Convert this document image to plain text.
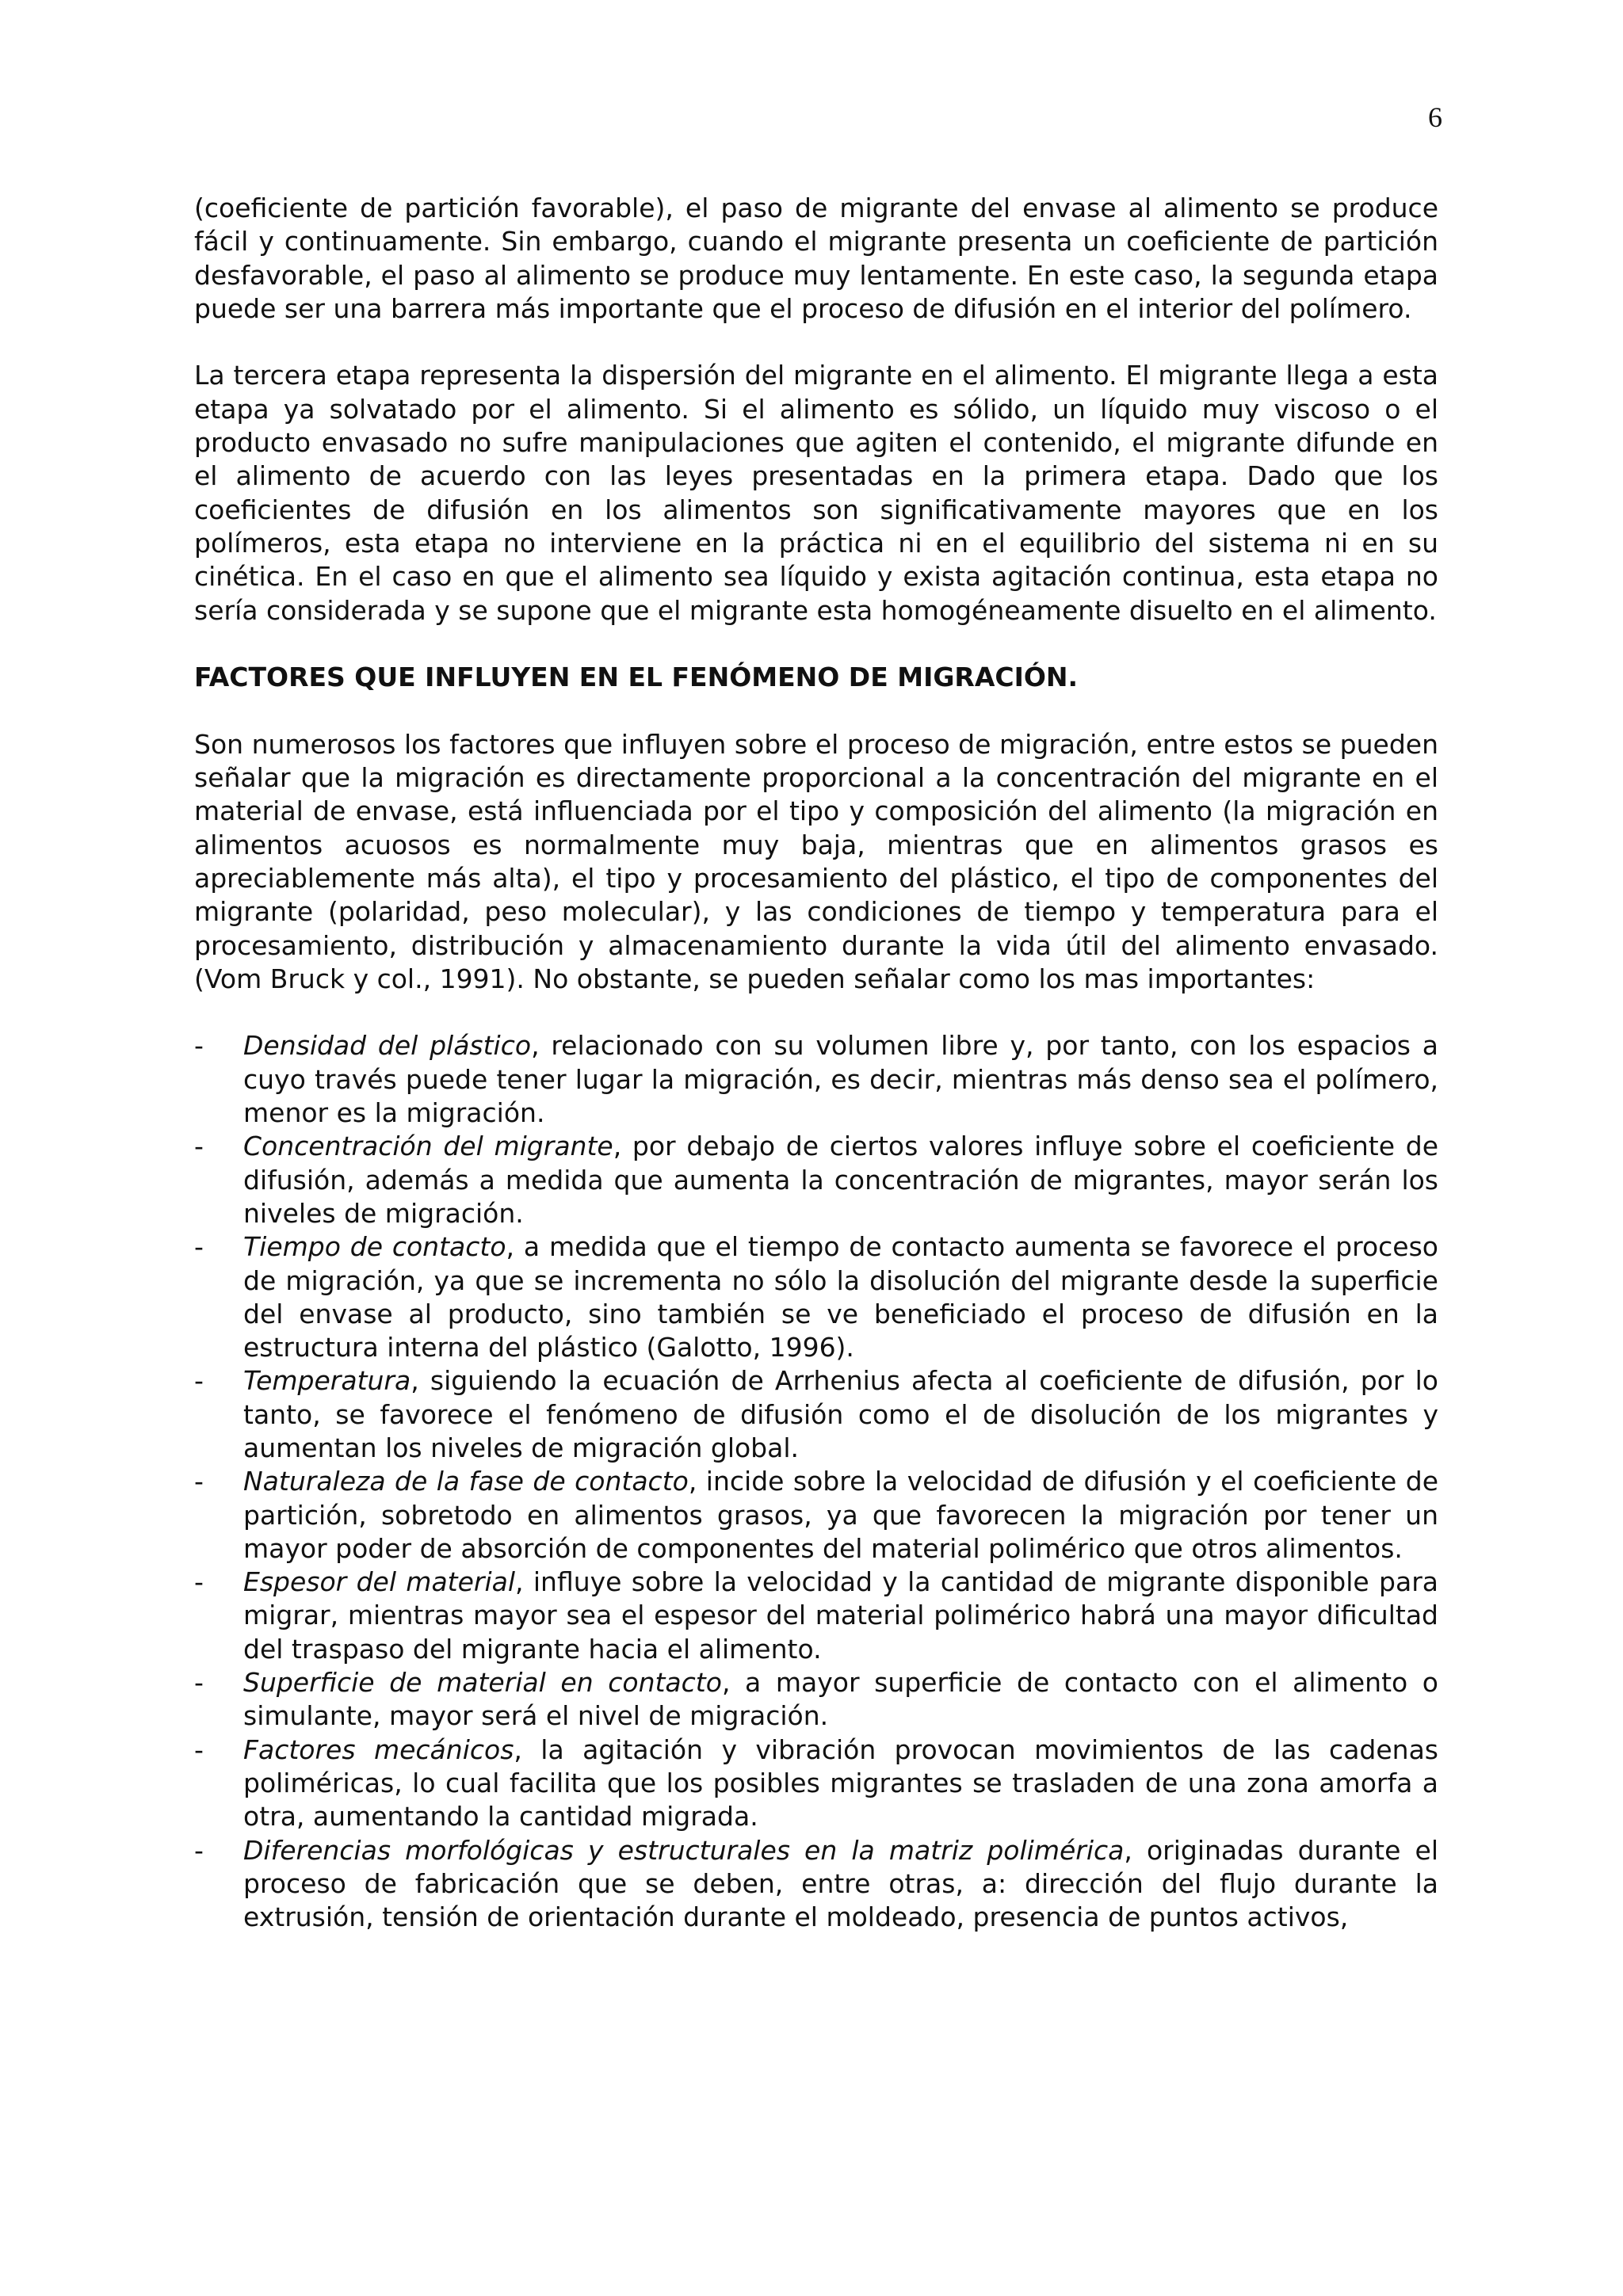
6

(coeficiente de partición favorable), el paso de migrante del envase al alimento se produce fácil y continuamente. Sin embargo, cuando el migrante presenta un coeficiente de partición desfavorable, el paso al alimento se produce muy lentamente. En este caso, la segunda etapa puede ser una barrera más importante que el proceso de difusión en el interior del polímero.

La tercera etapa representa la dispersión del migrante en el alimento. El migrante llega a esta etapa ya solvatado por el alimento. Si el alimento es sólido, un líquido muy viscoso o el producto envasado no sufre manipulaciones que agiten el contenido, el migrante difunde en el alimento de acuerdo con las leyes presentadas en la primera etapa. Dado que los coeficientes de difusión en los alimentos son significativamente mayores que en los polímeros, esta etapa no interviene en la práctica ni en el equilibrio del sistema ni en su cinética. En el caso en que el alimento sea líquido y exista agitación continua, esta etapa no sería considerada y se supone que el migrante esta homogéneamente disuelto en el alimento.

FACTORES QUE INFLUYEN EN EL FENÓMENO DE MIGRACIÓN.

Son numerosos los factores que influyen sobre el proceso de migración, entre estos se pueden señalar que la migración es directamente proporcional a la concentración del migrante en el material de envase, está influenciada por el tipo y composición del alimento (la migración en alimentos acuosos es normalmente muy baja, mientras que en alimentos grasos es apreciablemente más alta), el tipo y procesamiento del plástico, el tipo de componentes del migrante (polaridad, peso molecular), y las condiciones de tiempo y temperatura para el procesamiento, distribución y almacenamiento durante la vida útil del alimento envasado. (Vom Bruck y col., 1991). No obstante, se pueden señalar como los mas importantes:

- Densidad del plástico, relacionado con su volumen libre y, por tanto, con los espacios a cuyo través puede tener lugar la migración, es decir, mientras más denso sea el polímero, menor es la migración.
- Concentración del migrante, por debajo de ciertos valores influye sobre el coeficiente de difusión, además a medida que aumenta la concentración de migrantes, mayor serán los niveles de migración.
- Tiempo de contacto, a medida que el tiempo de contacto aumenta se favorece el proceso de migración, ya que se incrementa no sólo la disolución del migrante desde la superficie del envase al producto, sino también se ve beneficiado el proceso de difusión en la estructura interna del plástico (Galotto, 1996).
- Temperatura, siguiendo la ecuación de Arrhenius afecta al coeficiente de difusión, por lo tanto, se favorece el fenómeno de difusión como el de disolución de los migrantes y aumentan los niveles de migración global.
- Naturaleza de la fase de contacto, incide sobre la velocidad de difusión y el coeficiente de partición, sobretodo en alimentos grasos, ya que favorecen la migración por tener un mayor poder de absorción de componentes del material polimérico que otros alimentos.
- Espesor del material, influye sobre la velocidad y la cantidad de migrante disponible para migrar, mientras mayor sea el espesor del material polimérico habrá una mayor dificultad del traspaso del migrante hacia el alimento.
- Superficie de material en contacto, a mayor superficie de contacto con el alimento o simulante, mayor será el nivel de migración.
- Factores mecánicos, la agitación y vibración provocan movimientos de las cadenas poliméricas, lo cual facilita que los posibles migrantes se trasladen de una zona amorfa a otra, aumentando la cantidad migrada.
- Diferencias morfológicas y estructurales en la matriz polimérica, originadas durante el proceso de fabricación que se deben, entre otras, a: dirección del flujo durante la extrusión, tensión de orientación durante el moldeado, presencia de puntos activos,
